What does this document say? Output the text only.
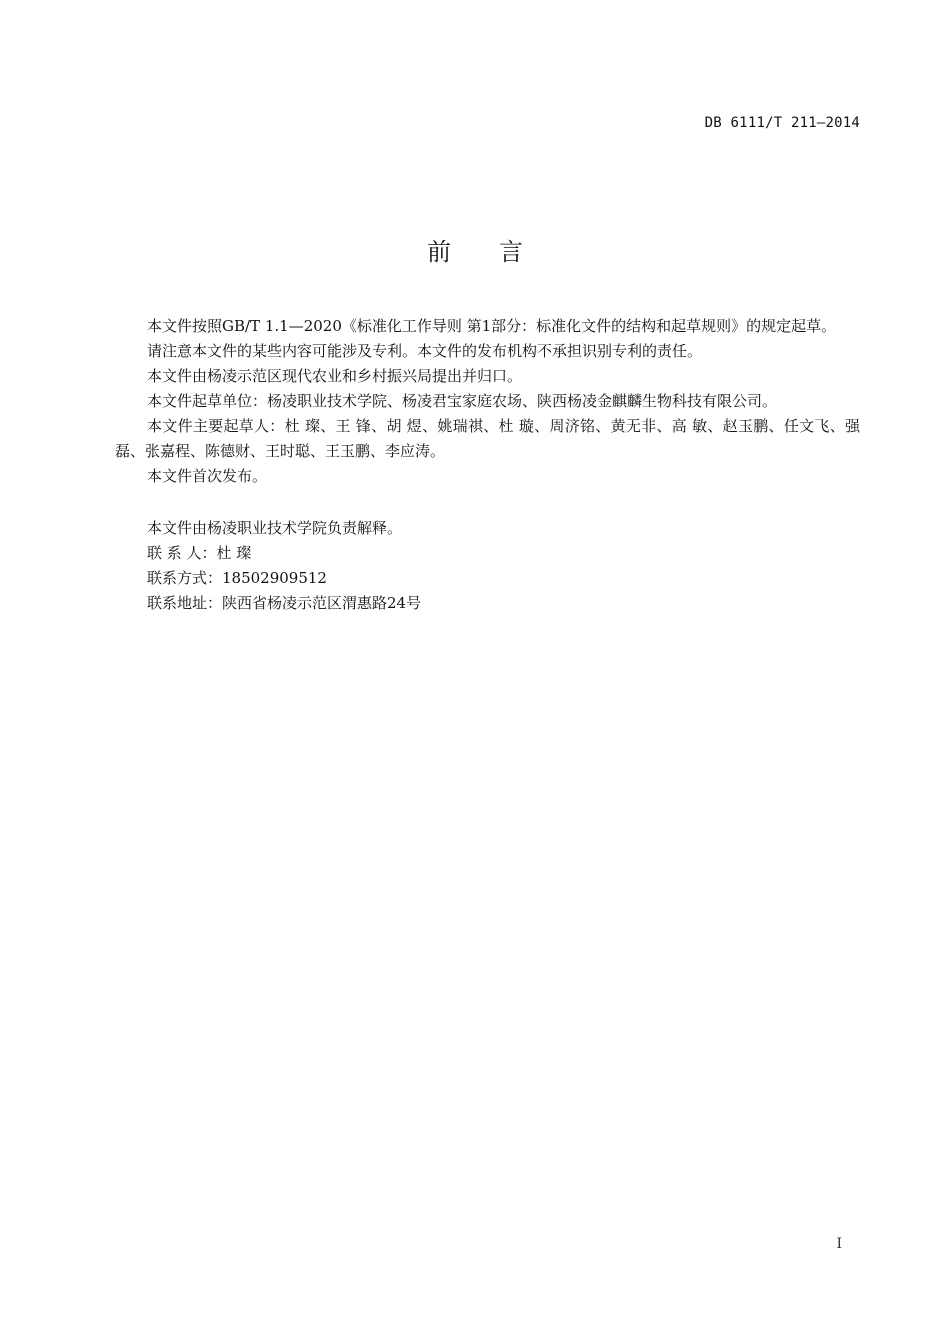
DB 6111/T 211—2014
前 言

本文件按照GB/T 1.1—2020《标准化工作导则 第1部分：标准化文件的结构和起草规则》的规定起草。

请注意本文件的某些内容可能涉及专利。本文件的发布机构不承担识别专利的责任。

本文件由杨凌示范区现代农业和乡村振兴局提出并归口。

本文件起草单位：杨凌职业技术学院、杨凌君宝家庭农场、陕西杨凌金麒麟生物科技有限公司。

本文件主要起草人：杜 璨、王 锋、胡 煜、姚瑞祺、杜 璇、周济铭、黄无非、高 敏、赵玉鹏、任文飞、强 磊、张嘉程、陈德财、王时聪、王玉鹏、李应涛。

本文件首次发布。

本文件由杨凌职业技术学院负责解释。

联 系 人：杜 璨

联系方式：18502909512

联系地址：陕西省杨凌示范区渭惠路24号

I
